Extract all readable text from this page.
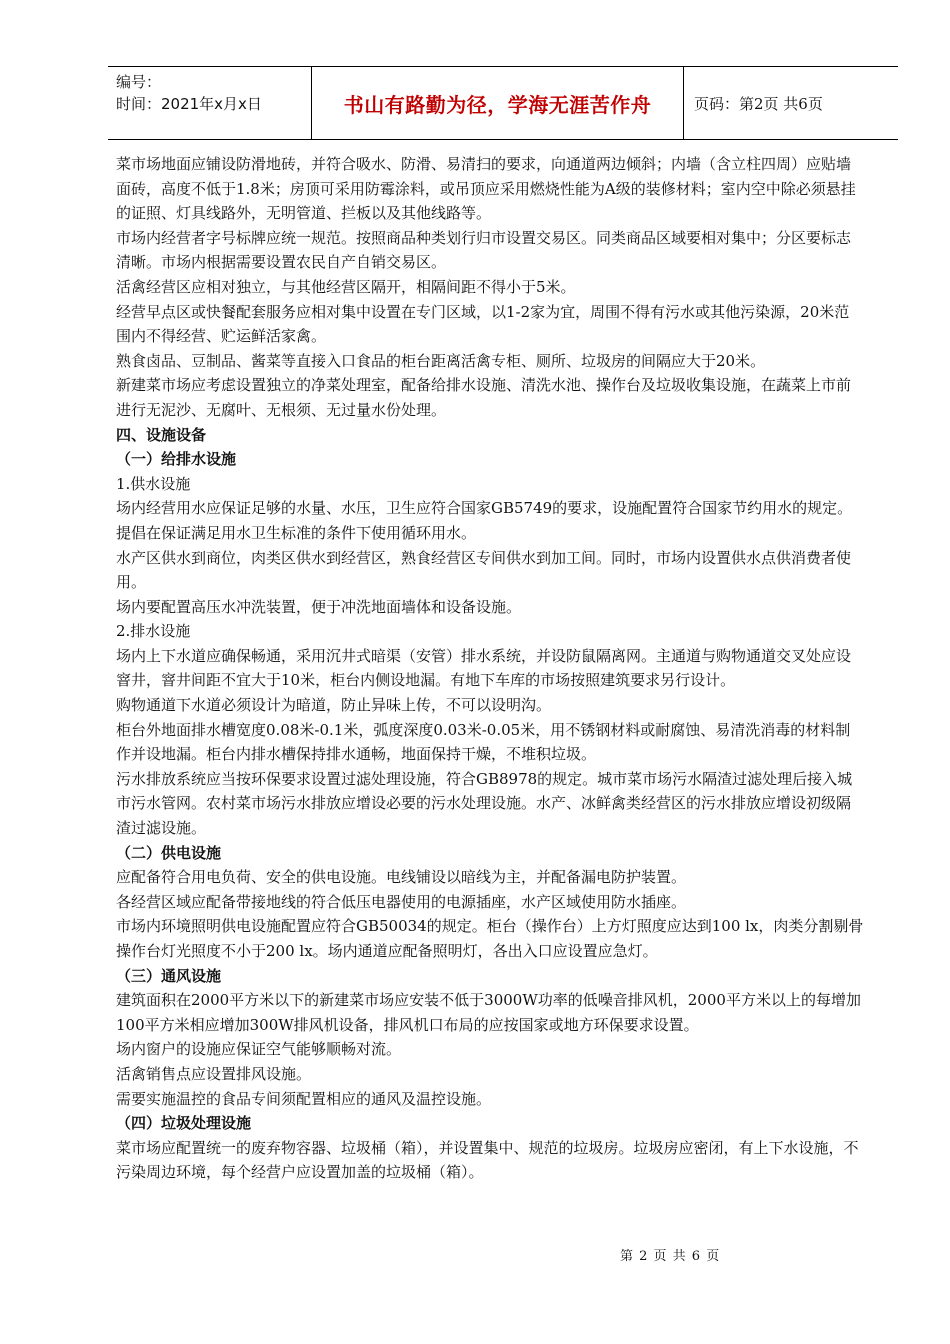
编号：
时间：2021年x月x日	书山有路勤为径，学海无涯苦作舟	页码：第2页 共6页

菜市场地面应铺设防滑地砖，并符合吸水、防滑、易清扫的要求，向通道两边倾斜；内墙（含立柱四周）应贴墙面砖，高度不低于1.8米；房顶可采用防霉涂料，或吊顶应采用燃烧性能为A级的装修材料；室内空中除必须悬挂的证照、灯具线路外，无明管道、拦板以及其他线路等。

市场内经营者字号标牌应统一规范。按照商品种类划行归市设置交易区。同类商品区域要相对集中；分区要标志清晰。市场内根据需要设置农民自产自销交易区。

活禽经营区应相对独立，与其他经营区隔开，相隔间距不得小于5米。

经营早点区或快餐配套服务应相对集中设置在专门区域，以1-2家为宜，周围不得有污水或其他污染源，20米范围内不得经营、贮运鲜活家禽。

熟食卤品、豆制品、酱菜等直接入口食品的柜台距离活禽专柜、厕所、垃圾房的间隔应大于20米。

新建菜市场应考虑设置独立的净菜处理室，配备给排水设施、清洗水池、操作台及垃圾收集设施，在蔬菜上市前进行无泥沙、无腐叶、无根须、无过量水份处理。

四、设施设备

（一）给排水设施

1.供水设施

场内经营用水应保证足够的水量、水压，卫生应符合国家GB5749的要求，设施配置符合国家节约用水的规定。提倡在保证满足用水卫生标准的条件下使用循环用水。

水产区供水到商位，肉类区供水到经营区，熟食经营区专间供水到加工间。同时，市场内设置供水点供消费者使用。

场内要配置高压水冲洗装置，便于冲洗地面墙体和设备设施。

2.排水设施

场内上下水道应确保畅通，采用沉井式暗渠（安管）排水系统，并设防鼠隔离网。主通道与购物通道交叉处应设窨井，窨井间距不宜大于10米，柜台内侧设地漏。有地下车库的市场按照建筑要求另行设计。

购物通道下水道必须设计为暗道，防止异味上传，不可以设明沟。

柜台外地面排水槽宽度0.08米-0.1米，弧度深度0.03米-0.05米，用不锈钢材料或耐腐蚀、易清洗消毒的材料制作并设地漏。柜台内排水槽保持排水通畅，地面保持干燥，不堆积垃圾。

污水排放系统应当按环保要求设置过滤处理设施，符合GB8978的规定。城市菜市场污水隔渣过滤处理后接入城市污水管网。农村菜市场污水排放应增设必要的污水处理设施。水产、冰鲜禽类经营区的污水排放应增设初级隔渣过滤设施。

（二）供电设施

应配备符合用电负荷、安全的供电设施。电线铺设以暗线为主，并配备漏电防护装置。

各经营区域应配备带接地线的符合低压电器使用的电源插座，水产区域使用防水插座。

市场内环境照明供电设施配置应符合GB50034的规定。柜台（操作台）上方灯照度应达到100 lx，肉类分割剔骨操作台灯光照度不小于200 lx。场内通道应配备照明灯，各出入口应设置应急灯。

（三）通风设施

建筑面积在2000平方米以下的新建菜市场应安装不低于3000W功率的低噪音排风机，2000平方米以上的每增加100平方米相应增加300W排风机设备，排风机口布局的应按国家或地方环保要求设置。

场内窗户的设施应保证空气能够顺畅对流。

活禽销售点应设置排风设施。

需要实施温控的食品专间须配置相应的通风及温控设施。

（四）垃圾处理设施

菜市场应配置统一的废弃物容器、垃圾桶（箱），并设置集中、规范的垃圾房。垃圾房应密闭，有上下水设施，不污染周边环境，每个经营户应设置加盖的垃圾桶（箱）。

第 2 页 共 6 页
